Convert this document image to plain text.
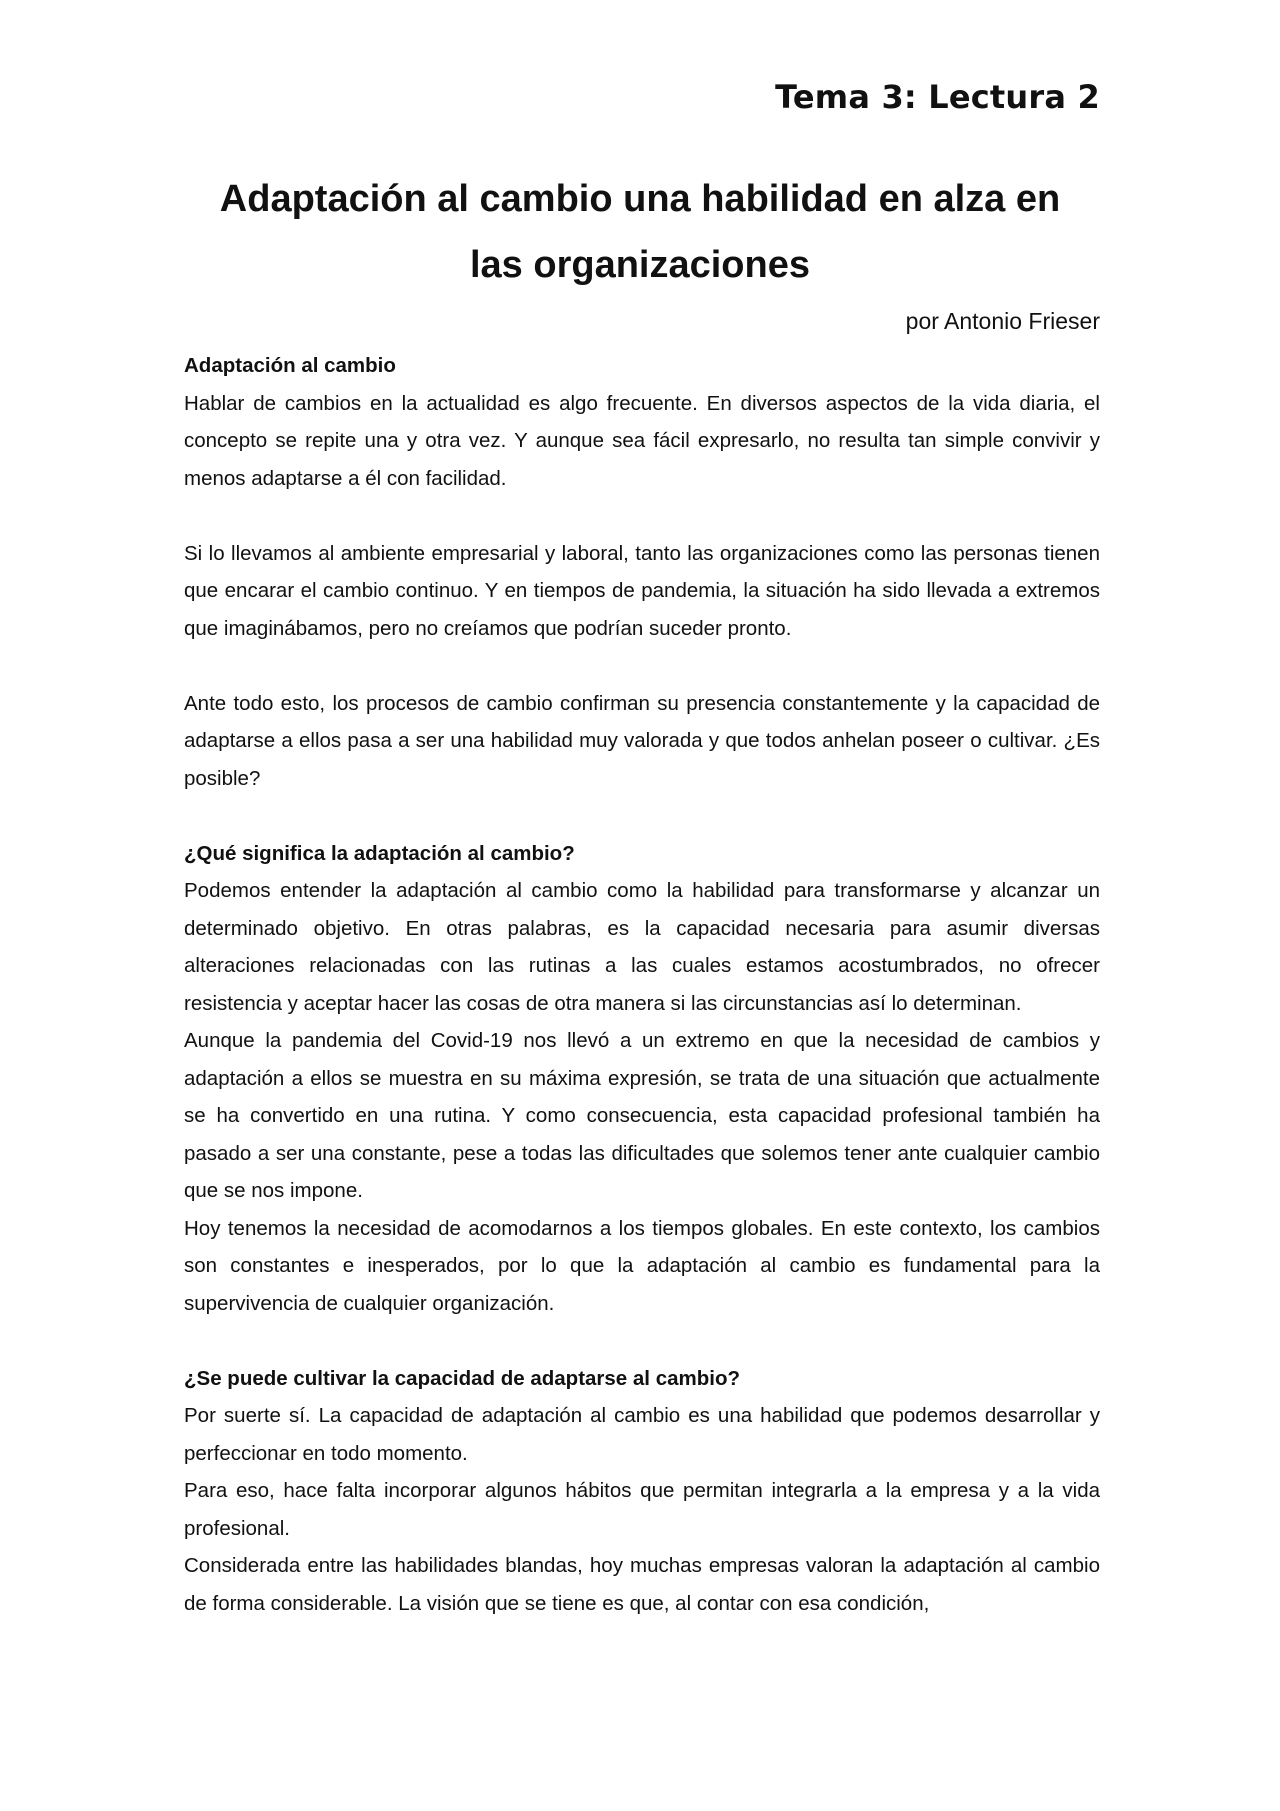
Tema 3: Lectura 2
Adaptación al cambio una habilidad en alza en
las organizaciones
por Antonio Frieser
Adaptación al cambio

Hablar de cambios en la actualidad es algo frecuente. En diversos aspectos de la vida diaria, el concepto se repite una y otra vez. Y aunque sea fácil expresarlo, no resulta tan simple convivir y menos adaptarse a él con facilidad.

Si lo llevamos al ambiente empresarial y laboral, tanto las organizaciones como las personas tienen que encarar el cambio continuo. Y en tiempos de pandemia, la situación ha sido llevada a extremos que imaginábamos, pero no creíamos que podrían suceder pronto.

Ante todo esto, los procesos de cambio confirman su presencia constantemente y la capacidad de adaptarse a ellos pasa a ser una habilidad muy valorada y que todos anhelan poseer o cultivar. ¿Es posible?

¿Qué significa la adaptación al cambio?

Podemos entender la adaptación al cambio como la habilidad para transformarse y alcanzar un determinado objetivo. En otras palabras, es la capacidad necesaria para asumir diversas alteraciones relacionadas con las rutinas a las cuales estamos acostumbrados, no ofrecer resistencia y aceptar hacer las cosas de otra manera si las circunstancias así lo determinan.

Aunque la pandemia del Covid-19 nos llevó a un extremo en que la necesidad de cambios y adaptación a ellos se muestra en su máxima expresión, se trata de una situación que actualmente se ha convertido en una rutina. Y como consecuencia, esta capacidad profesional también ha pasado a ser una constante, pese a todas las dificultades que solemos tener ante cualquier cambio que se nos impone.

Hoy tenemos la necesidad de acomodarnos a los tiempos globales. En este contexto, los cambios son constantes e inesperados, por lo que la adaptación al cambio es fundamental para la supervivencia de cualquier organización.

¿Se puede cultivar la capacidad de adaptarse al cambio?

Por suerte sí. La capacidad de adaptación al cambio es una habilidad que podemos desarrollar y perfeccionar en todo momento.

Para eso, hace falta incorporar algunos hábitos que permitan integrarla a la empresa y a la vida profesional.

Considerada entre las habilidades blandas, hoy muchas empresas valoran la adaptación al cambio de forma considerable. La visión que se tiene es que, al contar con esa condición,
